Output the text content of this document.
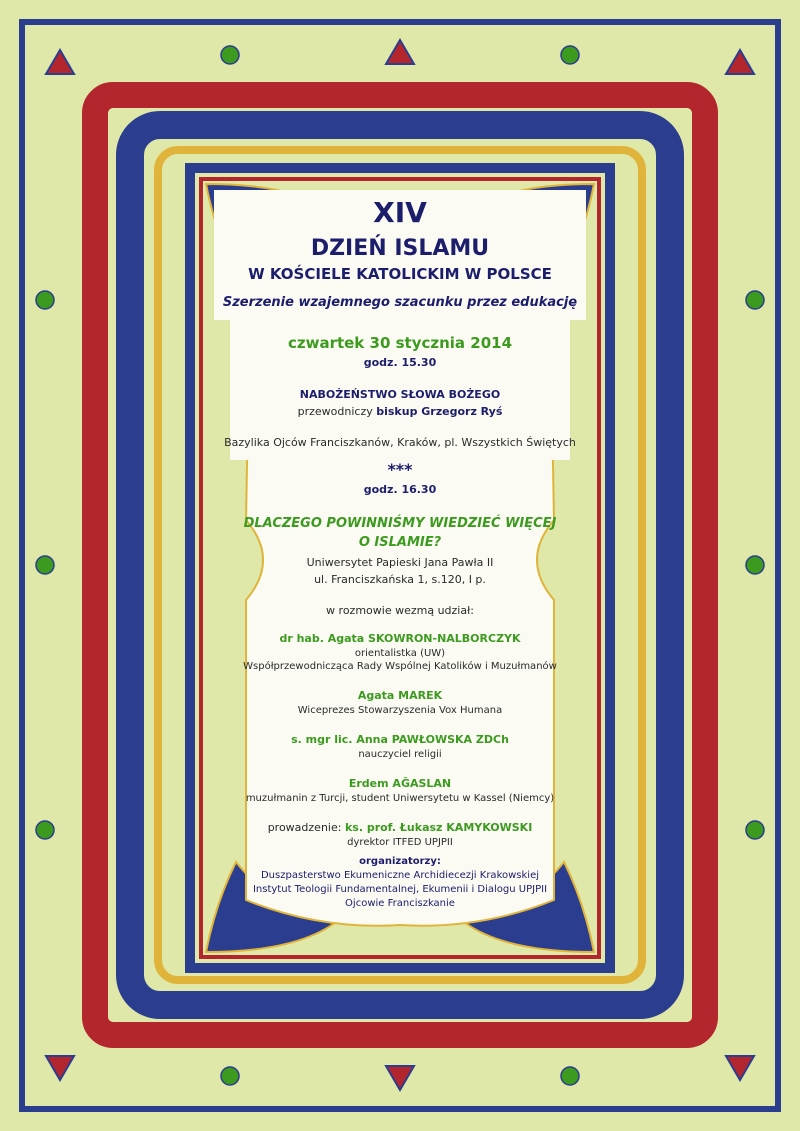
XIV
DZIEŃ ISLAMU
W KOŚCIELE KATOLICKIM W POLSCE
Szerzenie wzajemnego szacunku przez edukację
czwartek 30 stycznia 2014
godz. 15.30
NABOŻEŃSTWO SŁOWA BOŻEGO
przewodniczy biskup Grzegorz Ryś
Bazylika Ojców Franciszkanów, Kraków, pl. Wszystkich Świętych
***
godz. 16.30
DLACZEGO POWINNIŚMY WIEDZIEĆ WIĘCEJ
O ISLAMIE?
Uniwersytet Papieski Jana Pawła II
ul. Franciszkańska 1, s.120, I p.
w rozmowie wezmą udział:
dr hab. Agata SKOWRON-NALBORCZYK
orientalistka (UW)
Współprzewodnicząca Rady Wspólnej Katolików i Muzułmanów
Agata MAREK
Wiceprezes Stowarzyszenia Vox Humana
s. mgr lic. Anna PAWŁOWSKA ZDCh
nauczyciel religii
Erdem AĞASLAN
muzułmanin z Turcji, student Uniwersytetu w Kassel (Niemcy)
prowadzenie: ks. prof. Łukasz KAMYKOWSKI
dyrektor ITFED UPJPII
organizatorzy:
Duszpasterstwo Ekumeniczne Archidiecezji Krakowskiej
Instytut Teologii Fundamentalnej, Ekumenii i Dialogu UPJPII
Ojcowie Franciszkanie
